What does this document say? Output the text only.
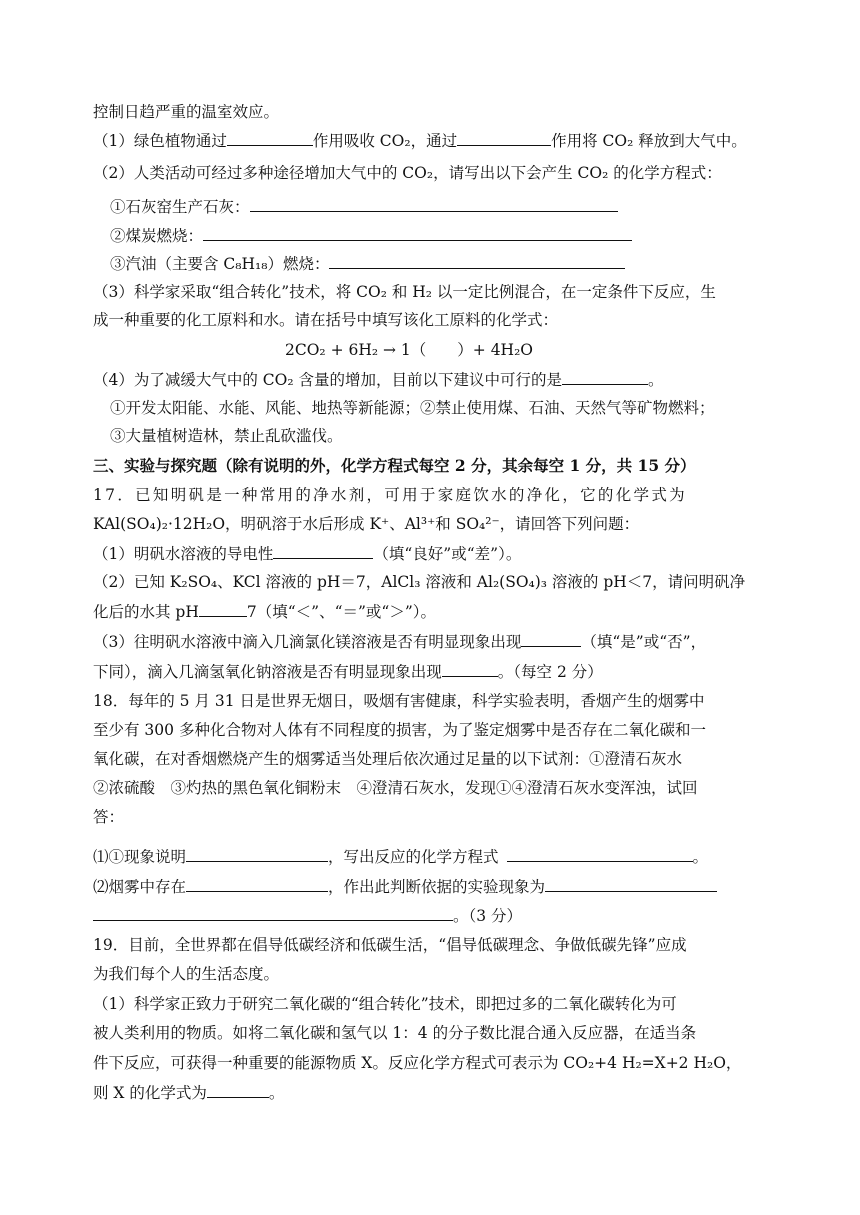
控制日趋严重的温室效应。
（1）绿色植物通过	作用吸收 CO₂，通过	作用将 CO₂ 释放到大气中。
（2）人类活动可经过多种途径增加大气中的 CO₂，请写出以下会产生 CO₂ 的化学方程式：
①石灰窑生产石灰：
②煤炭燃烧：
③汽油（主要含 C₈H₁₈）燃烧：
（3）科学家采取“组合转化”技术，将 CO₂ 和 H₂ 以一定比例混合，在一定条件下反应，生
成一种重要的化工原料和水。请在括号中填写该化工原料的化学式：
2CO₂ + 6H₂ → 1（　　）+ 4H₂O
（4）为了减缓大气中的 CO₂ 含量的增加，目前以下建议中可行的是	。
①开发太阳能、水能、风能、地热等新能源；②禁止使用煤、石油、天然气等矿物燃料；
③大量植树造林，禁止乱砍滥伐。
三、实验与探究题（除有说明的外，化学方程式每空 2 分，其余每空 1 分，共 15 分）
17．已知明矾是一种常用的净水剂，可用于家庭饮水的净化，它的化学式为
KAl(SO₄)₂·12H₂O，明矾溶于水后形成 K⁺、Al³⁺和 SO₄²⁻，请回答下列问题：
（1）明矾水溶液的导电性	（填“良好”或“差”）。
（2）已知 K₂SO₄、KCl 溶液的 pH＝7，AlCl₃ 溶液和 Al₂(SO₄)₃ 溶液的 pH＜7，请问明矾净
化后的水其 pH	7（填“＜”、“＝”或“＞”）。
（3）往明矾水溶液中滴入几滴氯化镁溶液是否有明显现象出现	（填“是”或“否”，
下同），滴入几滴氢氧化钠溶液是否有明显现象出现	。（每空 2 分）
18．每年的 5 月 31 日是世界无烟日，吸烟有害健康，科学实验表明，香烟产生的烟雾中
至少有 300 多种化合物对人体有不同程度的损害，为了鉴定烟雾中是否存在二氧化碳和一
氧化碳，在对香烟燃烧产生的烟雾适当处理后依次通过足量的以下试剂：①澄清石灰水
②浓硫酸　③灼热的黑色氧化铜粉末　④澄清石灰水，发现①④澄清石灰水变浑浊，试回
答：
⑴①现象说明	，写出反应的化学方程式	。
⑵烟雾中存在	，作出此判断依据的实验现象为
。（3 分）
19．目前，全世界都在倡导低碳经济和低碳生活，“倡导低碳理念、争做低碳先锋”应成
为我们每个人的生活态度。
（1）科学家正致力于研究二氧化碳的“组合转化”技术，即把过多的二氧化碳转化为可
被人类利用的物质。如将二氧化碳和氢气以 1：4 的分子数比混合通入反应器，在适当条
件下反应，可获得一种重要的能源物质 X。反应化学方程式可表示为 CO₂+4 H₂=X+2 H₂O，
则 X 的化学式为	。
